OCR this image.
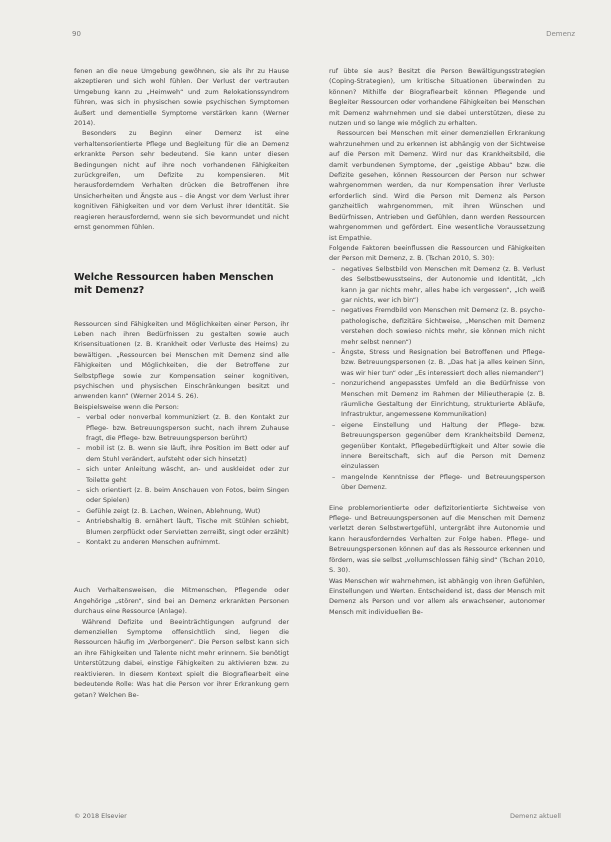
90	Demenz

fenen an die neue Umgebung gewöhnen, sie als ihr zu Hause akzeptieren und sich wohl fühlen. Der Verlust der vertrauten Umgebung kann zu „Heimweh“ und zum Relokationssyndrom führen, was sich in physischen sowie psychischen Symptomen äußert und dementielle Symptome verstärken kann (Werner 2014).

Besonders zu Beginn einer Demenz ist eine verhaltensorientierte Pflege und Begleitung für die an Demenz erkrankte Person sehr bedeutend. Sie kann unter diesen Bedingungen nicht auf ihre noch vorhandenen Fähigkeiten zurückgreifen, um Defizite zu kompensieren. Mit herausforderndem Verhalten drücken die Betroffenen ihre Unsicherheiten und Ängste aus – die Angst vor dem Verlust ihrer kognitiven Fähigkeiten und vor dem Verlust ihrer Identität. Sie reagieren herausfordernd, wenn sie sich bevormundet und nicht ernst genommen fühlen.

Welche Ressourcen haben Menschen mit Demenz?

Ressourcen sind Fähigkeiten und Möglichkeiten einer Person, ihr Leben nach ihren Bedürfnissen zu gestalten sowie auch Krisensituationen (z. B. Krankheit oder Verluste des Heims) zu bewältigen. „Ressourcen bei Menschen mit Demenz sind alle Fähigkeiten und Möglichkeiten, die der Betroffene zur Selbstpflege sowie zur Kompensation seiner kognitiven, psychischen und physischen Einschränkungen besitzt und anwenden kann“ (Werner 2014 S. 26).

Beispielsweise wenn die Person:

– verbal oder nonverbal kommuniziert (z. B. den Kontakt zur Pflege- bzw. Betreuungsperson sucht, nach ihrem Zuhause fragt, die Pflege- bzw. Betreuungsperson berührt)
– mobil ist (z. B. wenn sie läuft, ihre Position im Bett oder auf dem Stuhl verändert, aufsteht oder sich hinsetzt)
– sich unter Anleitung wäscht, an- und auskleidet oder zur Toilette geht
– sich orientiert (z. B. beim Anschauen von Fotos, beim Singen oder Spielen)
– Gefühle zeigt (z. B. Lachen, Weinen, Ablehnung, Wut)
– Antriebshaltig B. ernähert läuft, Tische mit Stühlen schiebt, Blumen zerpflückt oder Servietten zerreißt, singt oder erzählt)
– Kontakt zu anderen Menschen aufnimmt.

Auch Verhaltensweisen, die Mitmenschen, Pflegende oder Angehörige „stören“, sind bei an Demenz erkrankten Personen durchaus eine Ressource (Anlage).

Während Defizite und Beeinträchtigungen aufgrund der demenziellen Symptome offensichtlich sind, liegen die Ressourcen häufig im „Verborgenen“. Die Person selbst kann sich an ihre Fähigkeiten und Talente nicht mehr erinnern. Sie benötigt Unterstützung dabei, einstige Fähigkeiten zu aktivieren bzw. zu reaktivieren. In diesem Kontext spielt die Biografiearbeit eine bedeutende Rolle: Was hat die Person vor ihrer Erkrankung gern getan? Welchen Be-

ruf übte sie aus? Besitzt die Person Bewältigungsstrategien (Coping-Strategien), um kritische Situationen überwinden zu können? Mithilfe der Biografiearbeit können Pflegende und Begleiter Ressourcen oder vorhandene Fähigkeiten bei Menschen mit Demenz wahrnehmen und sie dabei unterstützen, diese zu nutzen und so lange wie möglich zu erhalten.

Ressourcen bei Menschen mit einer demenziellen Erkrankung wahrzunehmen und zu erkennen ist abhängig von der Sichtweise auf die Person mit Demenz. Wird nur das Krankheitsbild, die damit verbundenen Symptome, der „geistige Abbau“ bzw. die Defizite gesehen, können Ressourcen der Person nur schwer wahrgenommen werden, da nur Kompensation ihrer Verluste erforderlich sind. Wird die Person mit Demenz als Person ganzheitlich wahrgenommen, mit ihren Wünschen und Bedürfnissen, Antrieben und Gefühlen, dann werden Ressourcen wahrgenommen und gefördert. Eine wesentliche Voraussetzung ist Empathie.

Folgende Faktoren beeinflussen die Ressourcen und Fähigkeiten der Person mit Demenz, z. B. (Tschan 2010, S. 30):

– negatives Selbstbild von Menschen mit Demenz (z. B. Verlust des Selbstbewusstseins, der Autonomie und Identität, „Ich kann ja gar nichts mehr, alles habe ich vergessen“, „Ich weiß gar nichts, wer ich bin“)
– negatives Fremdbild von Menschen mit Demenz (z. B. psycho-pathologische, defizitäre Sichtweise, „Menschen mit Demenz verstehen doch sowieso nichts mehr, sie können mich nicht mehr selbst nennen“)
– Ängste, Stress und Resignation bei Betroffenen und Pflege- bzw. Betreuungspersonen (z. B. „Das hat ja alles keinen Sinn, was wir hier tun“ oder „Es interessiert doch alles niemanden“)
– nonzurichend angepasstes Umfeld an die Bedürfnisse von Menschen mit Demenz im Rahmen der Milieutherapie (z. B. räumliche Gestaltung der Einrichtung, strukturierte Abläufe, Infrastruktur, angemessene Kommunikation)
– eigene Einstellung und Haltung der Pflege- bzw. Betreuungsperson gegenüber dem Krankheitsbild Demenz, gegenüber Kontakt, Pflegebedürftigkeit und Alter sowie die innere Bereitschaft, sich auf die Person mit Demenz einzulassen
– mangelnde Kenntnisse der Pflege- und Betreuungsperson über Demenz.

Eine problemorientierte oder defizitorientierte Sichtweise von Pflege- und Betreuungspersonen auf die Menschen mit Demenz verletzt deren Selbstwertgefühl, untergräbt ihre Autonomie und kann herausforderndes Verhalten zur Folge haben. Pflege- und Betreuungspersonen können auf das als Ressource erkennen und fördern, was sie selbst „vollumschlossen fähig sind“ (Tschan 2010, S. 30).

Was Menschen wir wahrnehmen, ist abhängig von ihren Gefühlen, Einstellungen und Werten. Entscheidend ist, dass der Mensch mit Demenz als Person und vor allem als erwachsener, autonomer Mensch mit individuellen Be-

© 2018 Elsevier	Demenz aktuell
